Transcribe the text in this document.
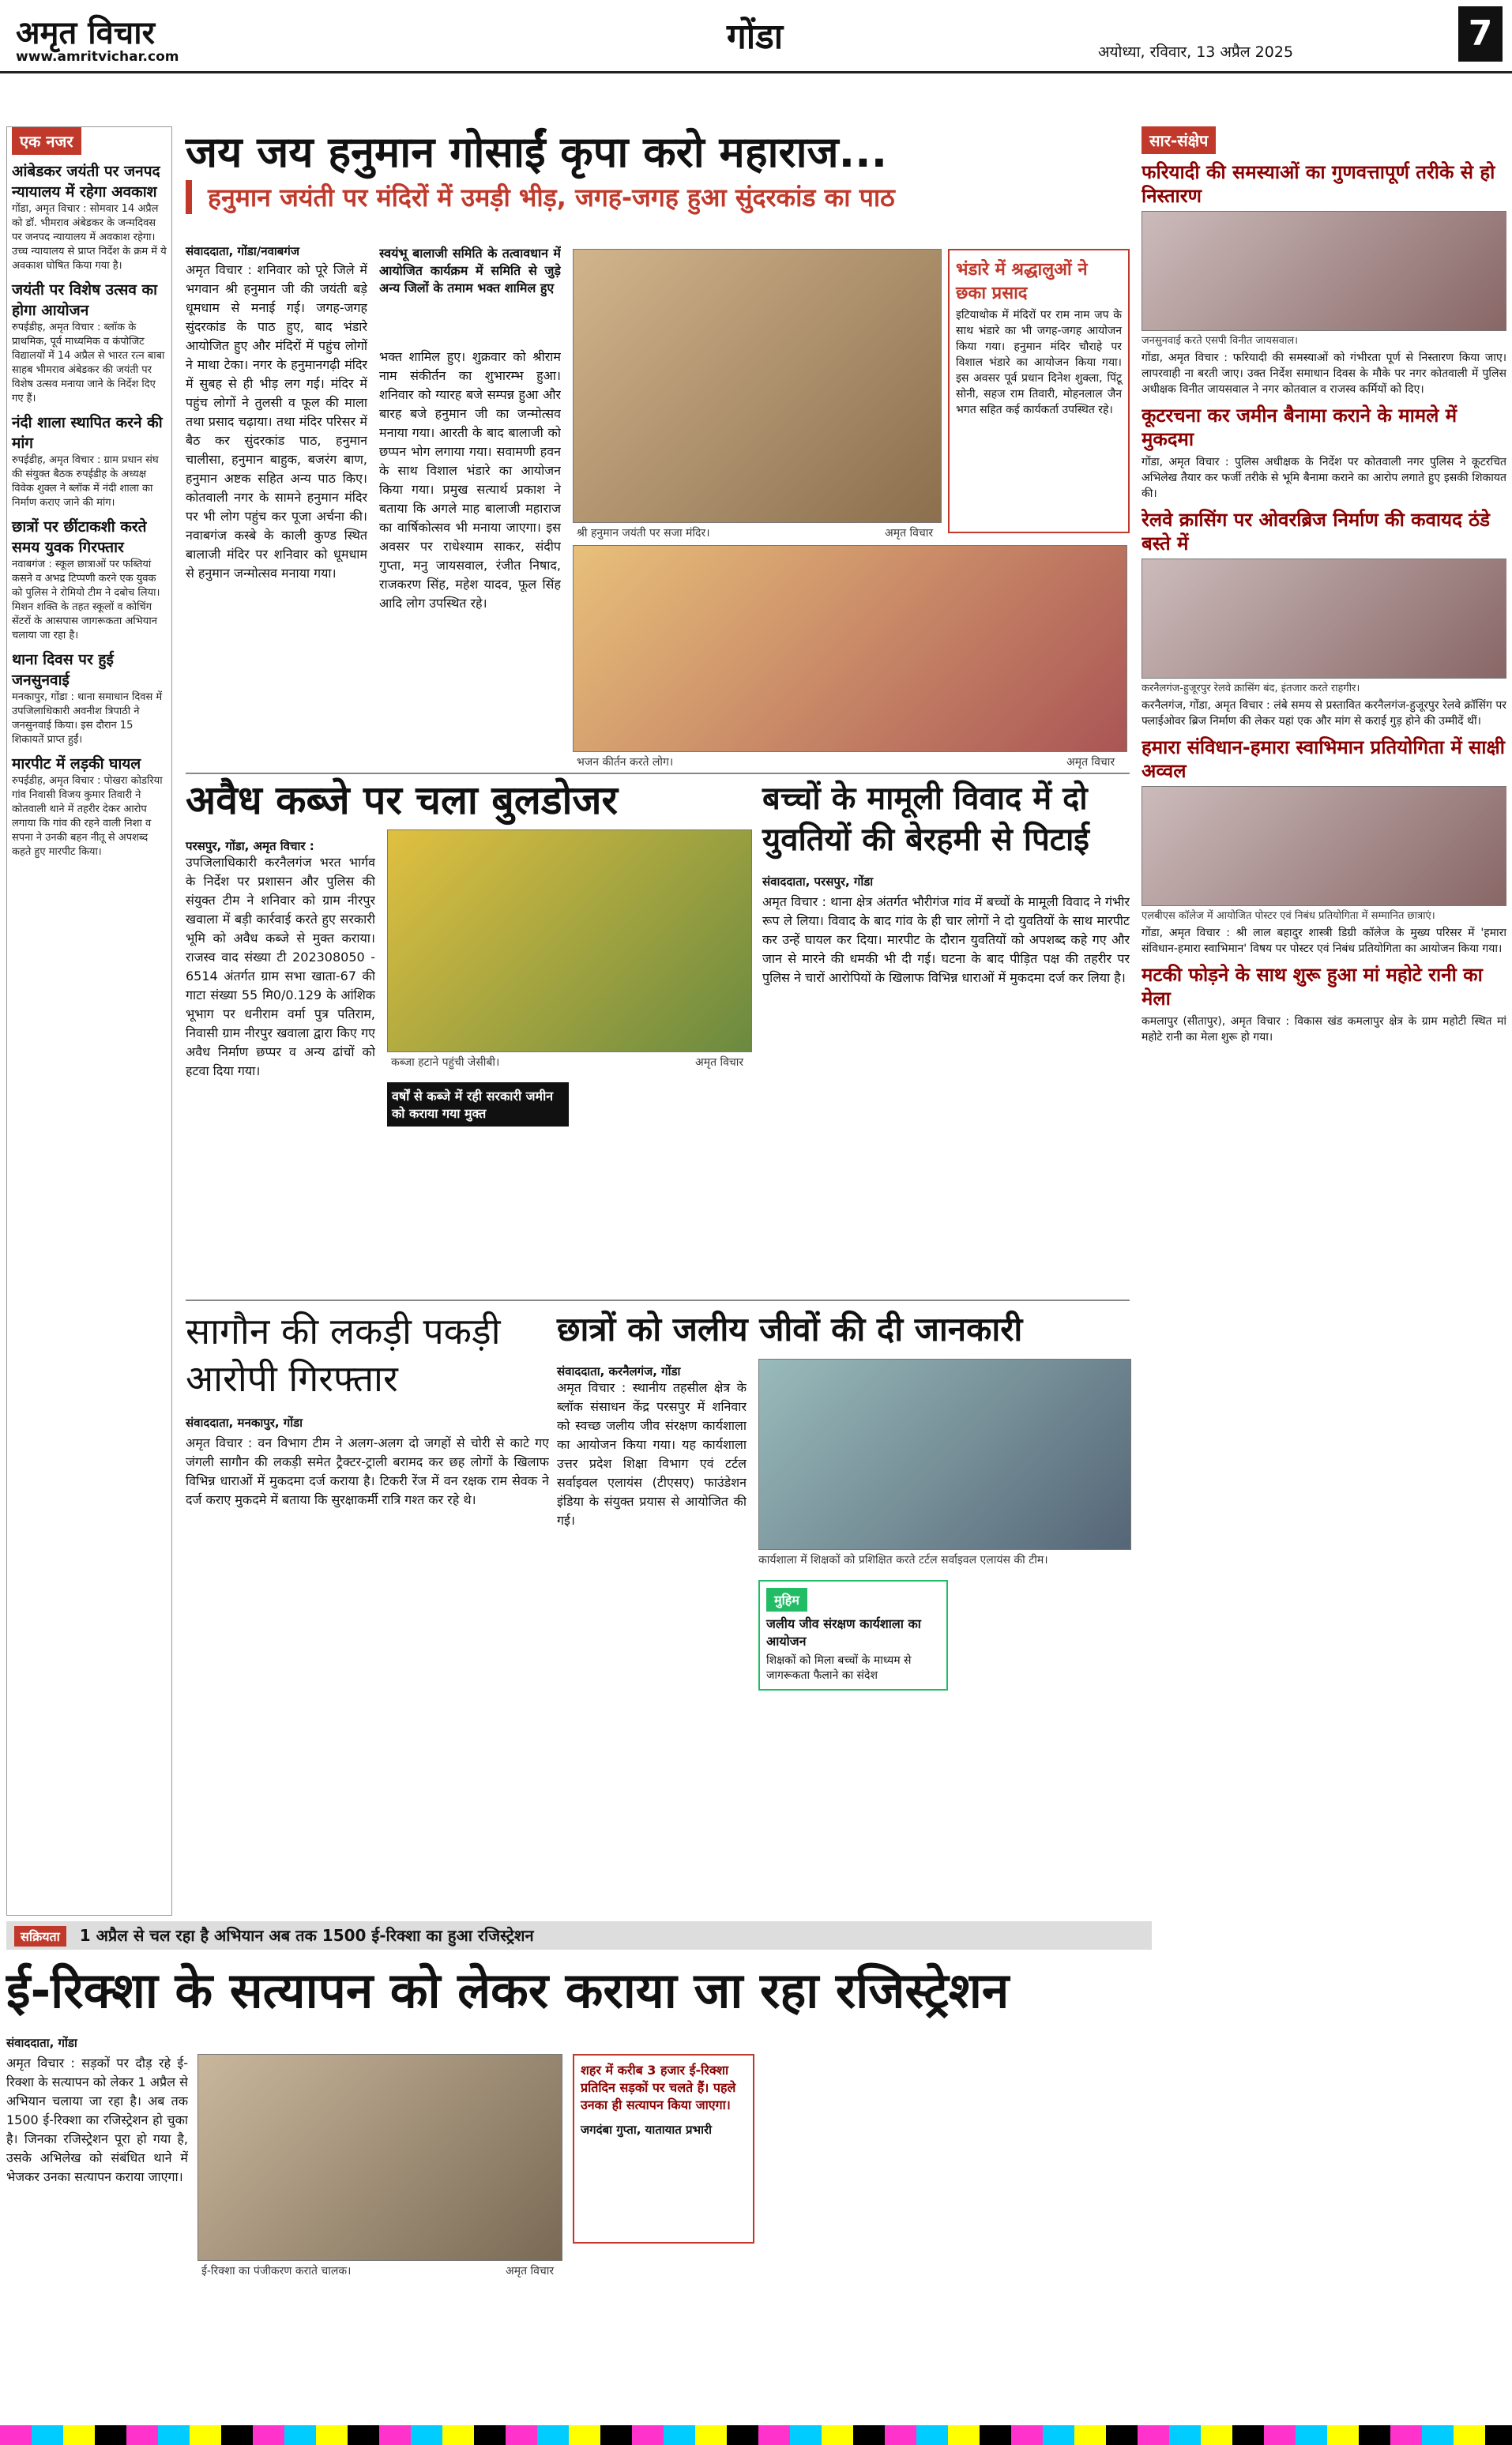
अमृत विचार
www.amritvichar.com	गोंडा	अयोध्या, रविवार, 13 अप्रैल 2025	7
एक नजर
आंबेडकर जयंती पर जनपद न्यायालय में रहेगा अवकाश
गोंडा, अमृत विचार : सोमवार 14 अप्रैल को डॉ. भीमराव अंबेडकर के जन्मदिवस पर जनपद न्यायालय में अवकाश रहेगा। उच्च न्यायालय से प्राप्त निर्देश के क्रम में ये अवकाश घोषित किया गया है।
जयंती पर विशेष उत्सव का होगा आयोजन
रुपईडीह, अमृत विचार : ब्लॉक के प्राथमिक, पूर्व माध्यमिक व कंपोजिट विद्यालयों में 14 अप्रैल से भारत रत्न बाबा साहब भीमराव अंबेडकर की जयंती पर विशेष उत्सव मनाया जाने के निर्देश दिए गए हैं।
नंदी शाला स्थापित करने की मांग
रुपईडीह, अमृत विचार : ग्राम प्रधान संघ की संयुक्त बैठक रुपईडीह के अध्यक्ष विवेक शुक्ल ने ब्लॉक में नंदी शाला का निर्माण कराए जाने की मांग।
छात्रों पर छींटाकशी करते समय युवक गिरफ्तार
नवाबगंज : स्कूल छात्राओं पर फब्तियां कसने व अभद्र टिप्पणी करने एक युवक को पुलिस ने रोमियो टीम ने दबोच लिया। मिशन शक्ति के तहत स्कूलों व कोचिंग सेंटरों के आसपास जागरूकता अभियान चलाया जा रहा है।
थाना दिवस पर हुई जनसुनवाई
मनकापुर, गोंडा : थाना समाधान दिवस में उपजिलाधिकारी अवनीश त्रिपाठी ने जनसुनवाई किया। इस दौरान 15 शिकायतें प्राप्त हुईं।
मारपीट में लड़की घायल
रुपईडीह, अमृत विचार : पोखरा कोडरिया गांव निवासी विजय कुमार तिवारी ने कोतवाली थाने में तहरीर देकर आरोप लगाया कि गांव की रहने वाली निशा व सपना ने उनकी बहन नीतू से अपशब्द कहते हुए मारपीट किया।
जय जय हनुमान गोसाईं कृपा करो महाराज...
हनुमान जयंती पर मंदिरों में उमड़ी भीड़, जगह-जगह हुआ सुंदरकांड का पाठ
संवाददाता, गोंडा/नवाबगंज
अमृत विचार : शनिवार को पूरे जिले में भगवान श्री हनुमान जी की जयंती बड़े धूमधाम से मनाई गई। जगह-जगह सुंदरकांड के पाठ हुए, बाद भंडारे आयोजित हुए और मंदिरों में पहुंच लोगों ने माथा टेका। नगर के हनुमानगढ़ी मंदिर में सुबह से ही भीड़ लग गई। मंदिर में पहुंच लोगों ने तुलसी व फूल की माला तथा प्रसाद चढ़ाया। तथा मंदिर परिसर में बैठ कर सुंदरकांड पाठ, हनुमान चालीसा, हनुमान बाहुक, बजरंग बाण, हनुमान अष्टक सहित अन्य पाठ किए। कोतवाली नगर के सामने हनुमान मंदिर पर भी लोग पहुंच कर पूजा अर्चना की। नवाबगंज कस्बे के काली कुण्ड स्थित बालाजी मंदिर पर शनिवार को धूमधाम से हनुमान जन्मोत्सव मनाया गया।
स्वयंभू बालाजी समिति के तत्वावधान में आयोजित कार्यक्रम में समिति से जुड़े अन्य जिलों के तमाम भक्त शामिल हुए
भक्त शामिल हुए। शुक्रवार को श्रीराम नाम संकीर्तन का शुभारम्भ हुआ। शनिवार को ग्यारह बजे सम्पन्न हुआ और बारह बजे हनुमान जी का जन्मोत्सव मनाया गया। आरती के बाद बालाजी को छप्पन भोग लगाया गया। सवामणी हवन के साथ विशाल भंडारे का आयोजन किया गया। प्रमुख सत्यार्थ प्रकाश ने बताया कि अगले माह बालाजी महाराज का वार्षिकोत्सव भी मनाया जाएगा। इस अवसर पर राधेश्याम साकर, संदीप गुप्ता, मनु जायसवाल, रंजीत निषाद, राजकरण सिंह, महेश यादव, फूल सिंह आदि लोग उपस्थित रहे।
श्री हनुमान जयंती पर सजा मंदिर।	अमृत विचार
भजन कीर्तन करते लोग।	अमृत विचार
भंडारे में श्रद्धालुओं ने छका प्रसाद
इटियाथोक में मंदिरों पर राम नाम जप के साथ भंडारे का भी जगह-जगह आयोजन किया गया। हनुमान मंदिर चौराहे पर विशाल भंडारे का आयोजन किया गया। इस अवसर पूर्व प्रधान दिनेश शुक्ला, पिंटू सोनी, सहज राम तिवारी, मोहनलाल जैन भगत सहित कई कार्यकर्ता उपस्थित रहे।
अवैध कब्जे पर चला बुलडोजर
परसपुर, गोंडा, अमृत विचार :
उपजिलाधिकारी करनैलगंज भरत भार्गव के निर्देश पर प्रशासन और पुलिस की संयुक्त टीम ने शनिवार को ग्राम नीरपुर खवाला में बड़ी कार्रवाई करते हुए सरकारी भूमि को अवैध कब्जे से मुक्त कराया। राजस्व वाद संख्या टी 202308050 - 6514 अंतर्गत ग्राम सभा खाता-67 की गाटा संख्या 55 मि0/0.129 के आंशिक भूभाग पर धनीराम वर्मा पुत्र पतिराम, निवासी ग्राम नीरपुर खवाला द्वारा किए गए अवैध निर्माण छप्पर व अन्य ढांचों को हटवा दिया गया।
कब्जा हटाने पहुंची जेसीबी।	अमृत विचार
वर्षों से कब्जे में रही सरकारी जमीन को कराया गया मुक्त
बच्चों के मामूली विवाद में दो युवतियों की बेरहमी से पिटाई
संवाददाता, परसपुर, गोंडा
अमृत विचार : थाना क्षेत्र अंतर्गत भौरीगंज गांव में बच्चों के मामूली विवाद ने गंभीर रूप ले लिया। विवाद के बाद गांव के ही चार लोगों ने दो युवतियों के साथ मारपीट कर उन्हें घायल कर दिया। मारपीट के दौरान युवतियों को अपशब्द कहे गए और जान से मारने की धमकी भी दी गई। घटना के बाद पीड़ित पक्ष की तहरीर पर पुलिस ने चारों आरोपियों के खिलाफ विभिन्न धाराओं में मुकदमा दर्ज कर लिया है।
सागौन की लकड़ी पकड़ी आरोपी गिरफ्तार
संवाददाता, मनकापुर, गोंडा
अमृत विचार : वन विभाग टीम ने अलग-अलग दो जगहों से चोरी से काटे गए जंगली सागौन की लकड़ी समेत ट्रैक्टर-ट्राली बरामद कर छह लोगों के खिलाफ विभिन्न धाराओं में मुकदमा दर्ज कराया है। टिकरी रेंज में वन रक्षक राम सेवक ने दर्ज कराए मुकदमे में बताया कि सुरक्षाकर्मी रात्रि गश्त कर रहे थे।
छात्रों को जलीय जीवों की दी जानकारी
संवाददाता, करनैलगंज, गोंडा
अमृत विचार : स्थानीय तहसील क्षेत्र के ब्लॉक संसाधन केंद्र परसपुर में शनिवार को स्वच्छ जलीय जीव संरक्षण कार्यशाला का आयोजन किया गया। यह कार्यशाला उत्तर प्रदेश शिक्षा विभाग एवं टर्टल सर्वाइवल एलायंस (टीएसए) फाउंडेशन इंडिया के संयुक्त प्रयास से आयोजित की गई।
कार्यशाला में शिक्षकों को प्रशिक्षित करते टर्टल सर्वाइवल एलायंस की टीम।
मुहिम
जलीय जीव संरक्षण कार्यशाला का आयोजन
शिक्षकों को मिला बच्चों के माध्यम से जागरूकता फैलाने का संदेश
सार-संक्षेप
फरियादी की समस्याओं का गुणवत्तापूर्ण तरीके से हो निस्तारण
जनसुनवाई करते एसपी विनीत जायसवाल।
गोंडा, अमृत विचार : फरियादी की समस्याओं को गंभीरता पूर्ण से निस्तारण किया जाए। लापरवाही ना बरती जाए। उक्त निर्देश समाधान दिवस के मौके पर नगर कोतवाली में पुलिस अधीक्षक विनीत जायसवाल ने नगर कोतवाल व राजस्व कर्मियों को दिए।
कूटरचना कर जमीन बैनामा कराने के मामले में मुकदमा
गोंडा, अमृत विचार : पुलिस अधीक्षक के निर्देश पर कोतवाली नगर पुलिस ने कूटरचित अभिलेख तैयार कर फर्जी तरीके से भूमि बैनामा कराने का आरोप लगाते हुए इसकी शिकायत की।
रेलवे क्रासिंग पर ओवरब्रिज निर्माण की कवायद ठंडे बस्ते में
करनैलगंज-हुजूरपुर रेलवे क्रासिंग बंद, इंतजार करते राहगीर।
करनैलगंज, गोंडा, अमृत विचार : लंबे समय से प्रस्तावित करनैलगंज-हुजूरपुर रेलवे क्रॉसिंग पर फ्लाईओवर ब्रिज निर्माण की लेकर यहां एक और मांग से कराई गुड़ होने की उम्मीदें थीं।
हमारा संविधान-हमारा स्वाभिमान प्रतियोगिता में साक्षी अव्वल
एलबीएस कॉलेज में आयोजित पोस्टर एवं निबंध प्रतियोगिता में सम्मानित छात्राएं।
गोंडा, अमृत विचार : श्री लाल बहादुर शास्त्री डिग्री कॉलेज के मुख्य परिसर में 'हमारा संविधान-हमारा स्वाभिमान' विषय पर पोस्टर एवं निबंध प्रतियोगिता का आयोजन किया गया।
मटकी फोड़ने के साथ शुरू हुआ मां महोटे रानी का मेला
कमलापुर (सीतापुर), अमृत विचार : विकास खंड कमलापुर क्षेत्र के ग्राम महोटी स्थित मां महोटे रानी का मेला शुरू हो गया।
सक्रियता 1 अप्रैल से चल रहा है अभियान अब तक 1500 ई-रिक्शा का हुआ रजिस्ट्रेशन
ई-रिक्शा के सत्यापन को लेकर कराया जा रहा रजिस्ट्रेशन
संवाददाता, गोंडा
अमृत विचार : सड़कों पर दौड़ रहे ई-रिक्शा के सत्यापन को लेकर 1 अप्रैल से अभियान चलाया जा रहा है। अब तक 1500 ई-रिक्शा का रजिस्ट्रेशन हो चुका है। जिनका रजिस्ट्रेशन पूरा हो गया है, उसके अभिलेख को संबंधित थाने में भेजकर उनका सत्यापन कराया जाएगा।
ई-रिक्शा का पंजीकरण कराते चालक।	अमृत विचार
शहर में करीब 3 हजार ई-रिक्शा प्रतिदिन सड़कों पर चलते हैं। पहले उनका ही सत्यापन किया जाएगा।
जगदंबा गुप्ता, यातायात प्रभारी
